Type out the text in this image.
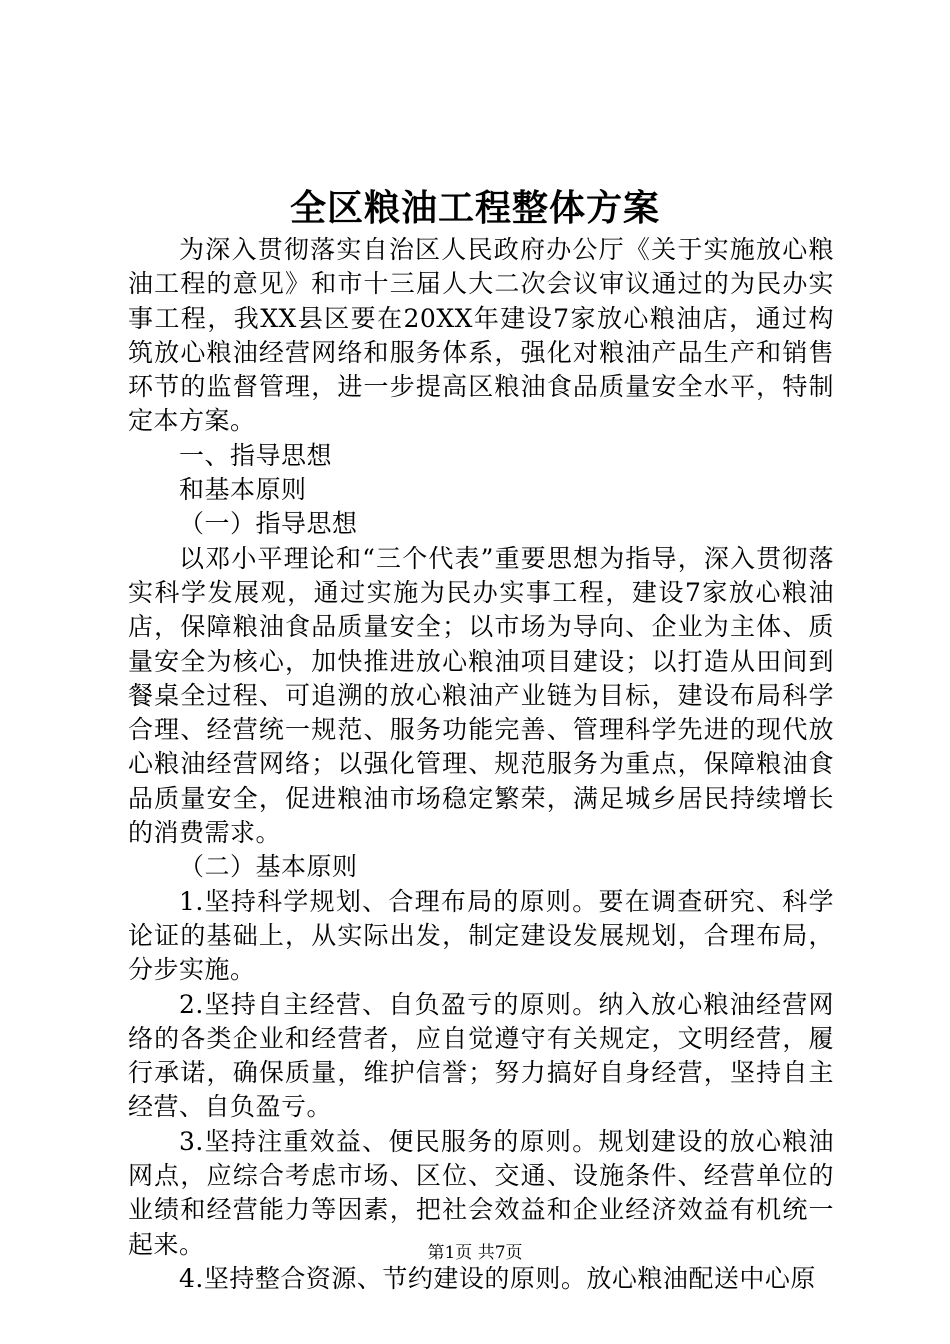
全区粮油工程整体方案

为深入贯彻落实自治区人民政府办公厅《关于实施放心粮油工程的意见》和市十三届人大二次会议审议通过的为民办实事工程，我XX县区要在20XX年建设7家放心粮油店，通过构筑放心粮油经营网络和服务体系，强化对粮油产品生产和销售环节的监督管理，进一步提高区粮油食品质量安全水平，特制定本方案。

一、指导思想

和基本原则

（一）指导思想

以邓小平理论和“三个代表”重要思想为指导，深入贯彻落实科学发展观，通过实施为民办实事工程，建设7家放心粮油店，保障粮油食品质量安全；以市场为导向、企业为主体、质量安全为核心，加快推进放心粮油项目建设；以打造从田间到餐桌全过程、可追溯的放心粮油产业链为目标，建设布局科学合理、经营统一规范、服务功能完善、管理科学先进的现代放心粮油经营网络；以强化管理、规范服务为重点，保障粮油食品质量安全，促进粮油市场稳定繁荣，满足城乡居民持续增长的消费需求。

（二）基本原则

1.坚持科学规划、合理布局的原则。要在调查研究、科学论证的基础上，从实际出发，制定建设发展规划，合理布局，分步实施。

2.坚持自主经营、自负盈亏的原则。纳入放心粮油经营网络的各类企业和经营者，应自觉遵守有关规定，文明经营，履行承诺，确保质量，维护信誉；努力搞好自身经营，坚持自主经营、自负盈亏。

3.坚持注重效益、便民服务的原则。规划建设的放心粮油网点，应综合考虑市场、区位、交通、设施条件、经营单位的业绩和经营能力等因素，把社会效益和企业经济效益有机统一起来。

4.坚持整合资源、节约建设的原则。放心粮油配送中心原

第1页 共7页
